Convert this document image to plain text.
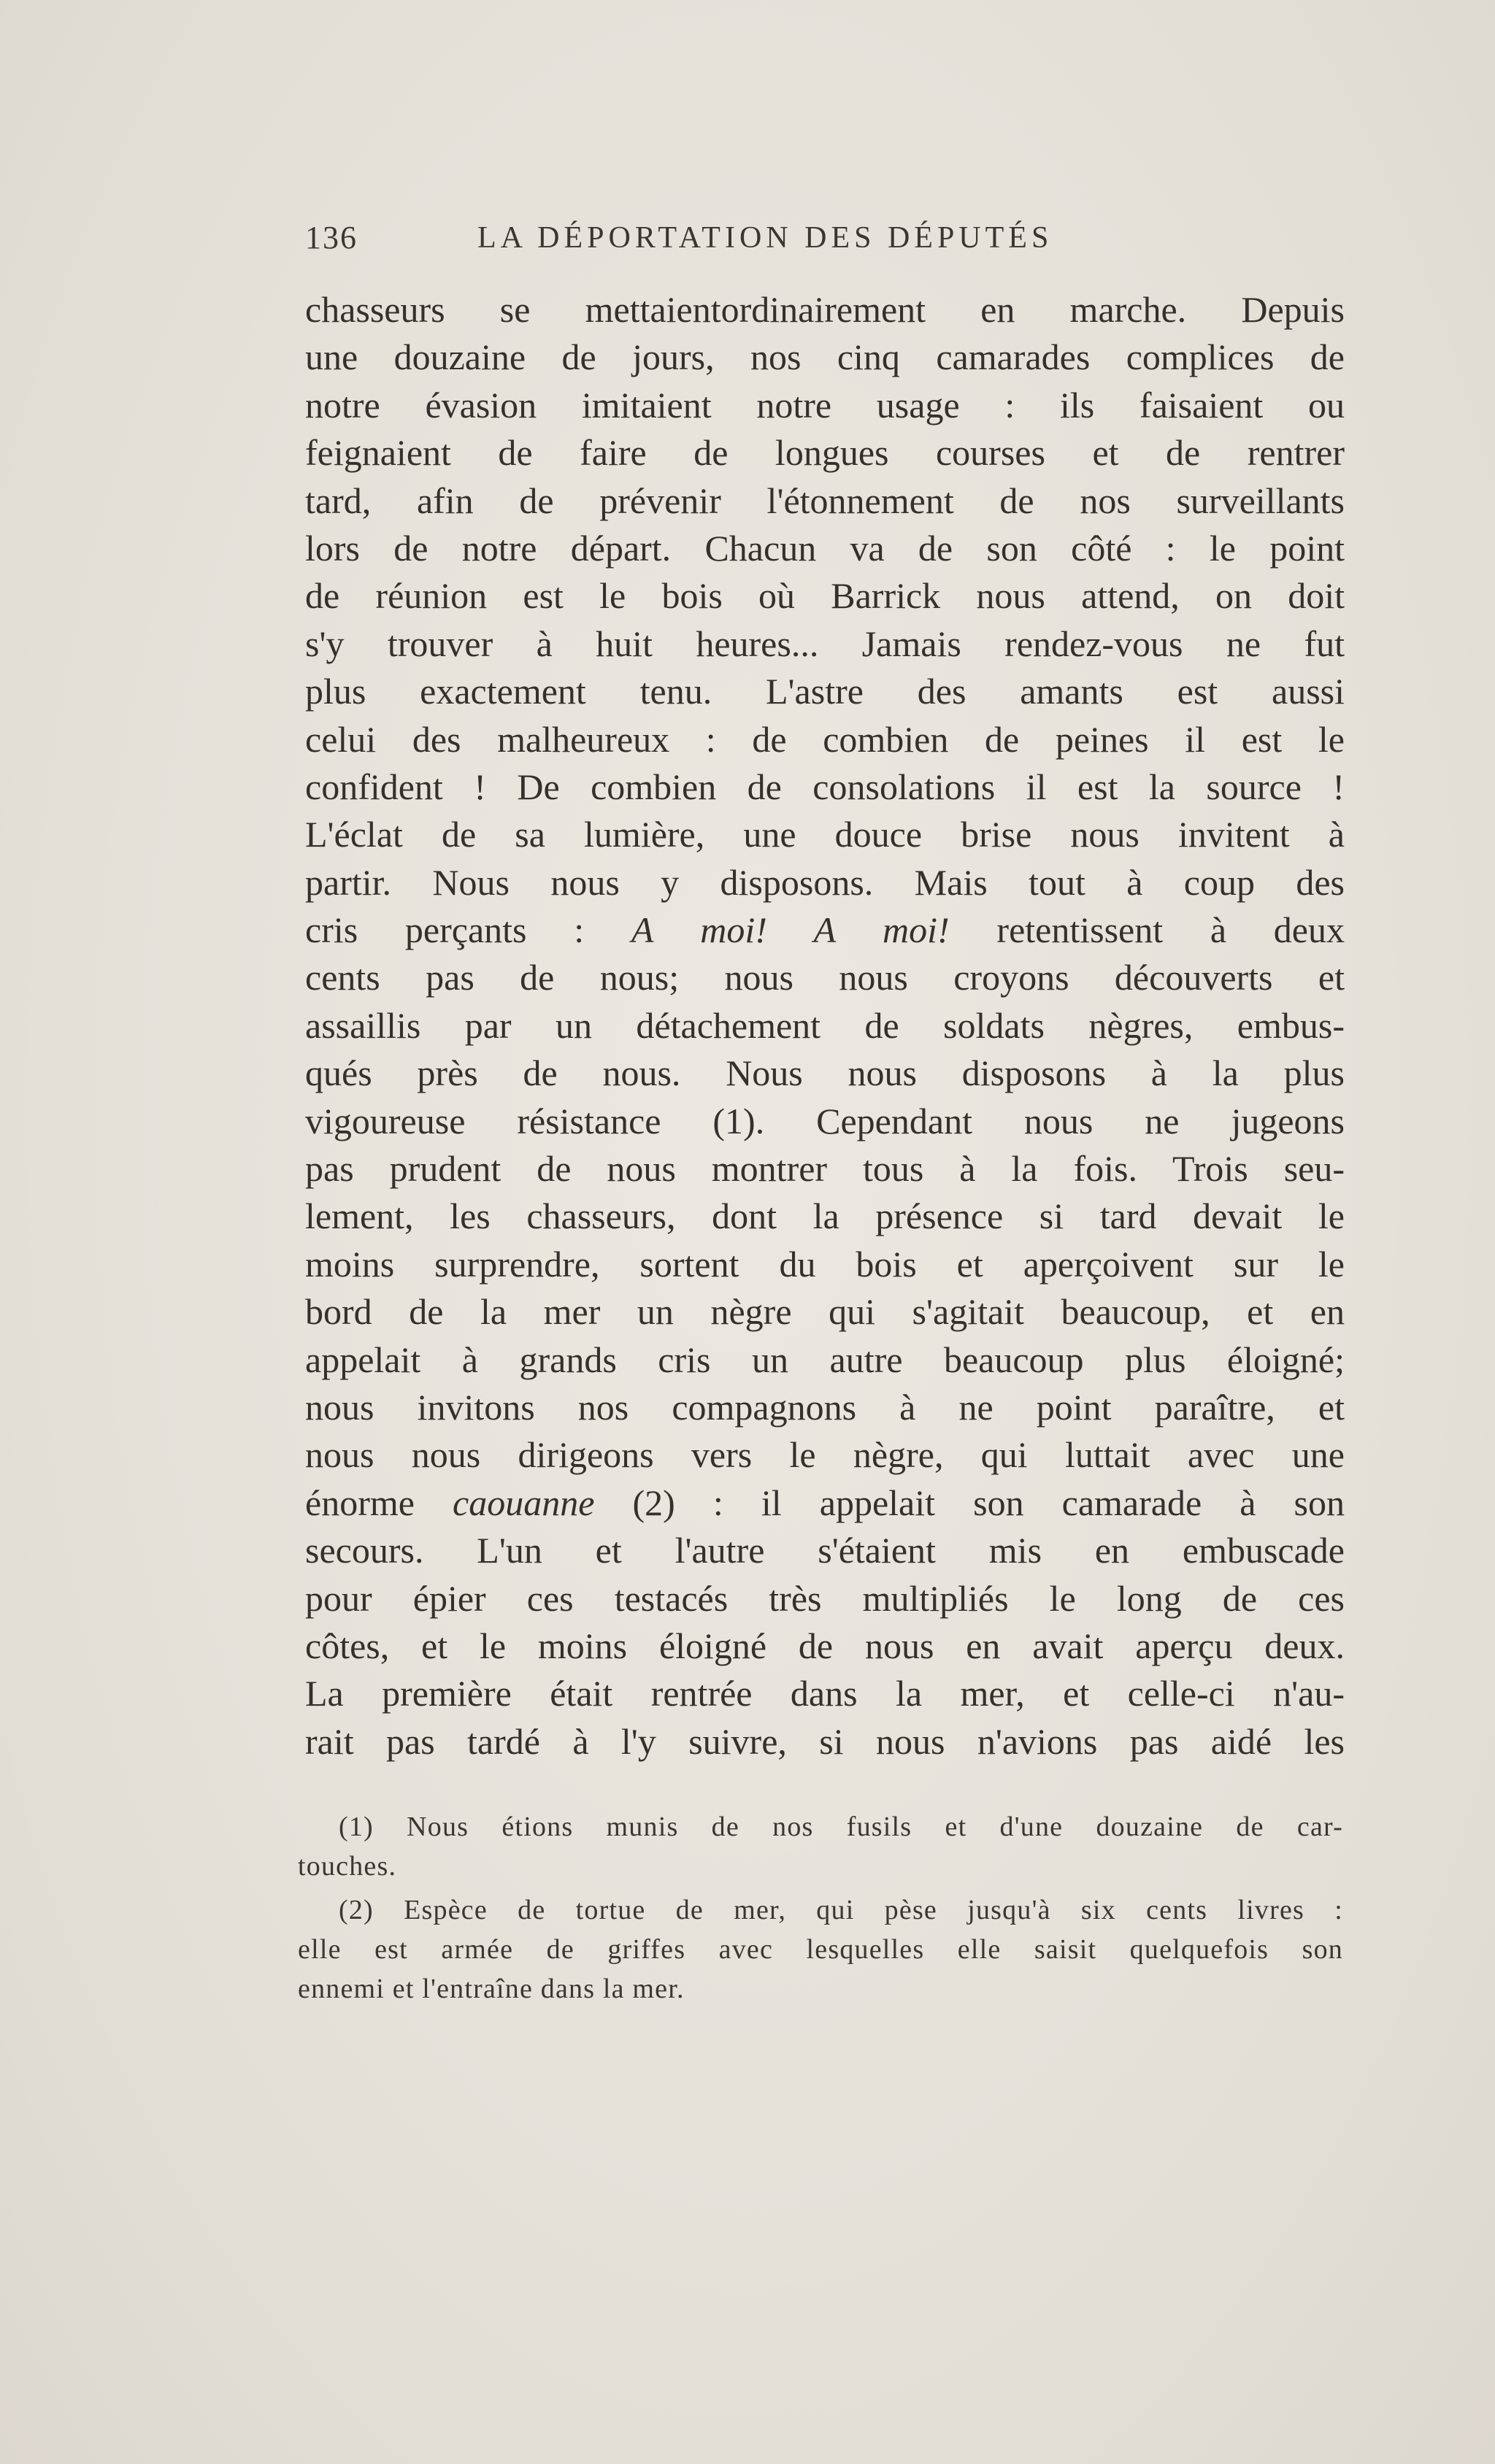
136	LA DÉPORTATION DES DÉPUTÉS
chasseurs se mettaientordinairement en marche. Depuis
une douzaine de jours, nos cinq camarades complices de
notre évasion imitaient notre usage : ils faisaient ou
feignaient de faire de longues courses et de rentrer
tard, afin de prévenir l'étonnement de nos surveillants
lors de notre départ. Chacun va de son côté : le point
de réunion est le bois où Barrick nous attend, on doit
s'y trouver à huit heures... Jamais rendez-vous ne fut
plus exactement tenu. L'astre des amants est aussi
celui des malheureux : de combien de peines il est le
confident ! De combien de consolations il est la source !
L'éclat de sa lumière, une douce brise nous invitent à
partir. Nous nous y disposons. Mais tout à coup des
cris perçants : A moi! A moi! retentissent à deux
cents pas de nous; nous nous croyons découverts et
assaillis par un détachement de soldats nègres, embus-
qués près de nous. Nous nous disposons à la plus
vigoureuse résistance (1). Cependant nous ne jugeons
pas prudent de nous montrer tous à la fois. Trois seu-
lement, les chasseurs, dont la présence si tard devait le
moins surprendre, sortent du bois et aperçoivent sur le
bord de la mer un nègre qui s'agitait beaucoup, et en
appelait à grands cris un autre beaucoup plus éloigné;
nous invitons nos compagnons à ne point paraître, et
nous nous dirigeons vers le nègre, qui luttait avec une
énorme caouanne (2) : il appelait son camarade à son
secours. L'un et l'autre s'étaient mis en embuscade
pour épier ces testacés très multipliés le long de ces
côtes, et le moins éloigné de nous en avait aperçu deux.
La première était rentrée dans la mer, et celle-ci n'au-
rait pas tardé à l'y suivre, si nous n'avions pas aidé les
(1) Nous étions munis de nos fusils et d'une douzaine de car-
touches.
(2) Espèce de tortue de mer, qui pèse jusqu'à six cents livres :
elle est armée de griffes avec lesquelles elle saisit quelquefois son
ennemi et l'entraîne dans la mer.
